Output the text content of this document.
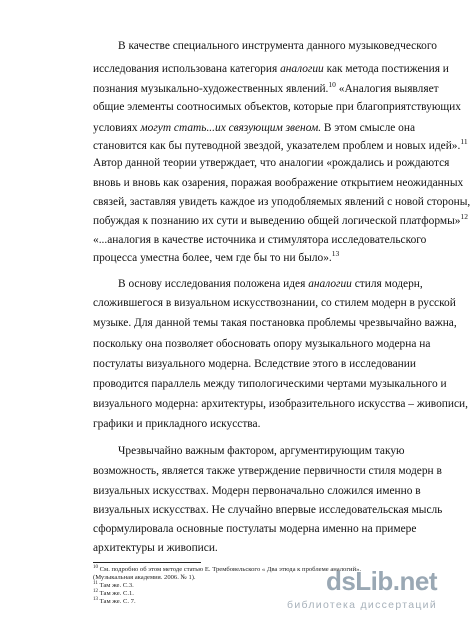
В качестве специального инструмента данного музыковедческого
исследования использована категория аналогии как метода постижения и
познания музыкально-художественных явлений.$^{10}$ «Аналогия выявляет
общие элементы соотносимых объектов, которые при благоприятствующих
условиях могут стать...их связующим звеном. В этом смысле она
становится как бы путеводной звездой, указателем проблем и новых идей».$^{11}$
Автор данной теории утверждает, что аналогии «рождались и рождаются
вновь и вновь как озарения, поражая воображение открытием неожиданных
связей, заставляя увидеть каждое из уподобляемых явлений с новой стороны,
побуждая к познанию их сути и выведению общей логической платформы»$^{12}$
«...аналогия в качестве источника и стимулятора исследовательского
процесса уместна более, чем где бы то ни было».$^{13}$
В основу исследования положена идея аналогии стиля модерн,
сложившегося в визуальном искусствознании, со стилем модерн в русской
музыке. Для данной темы такая постановка проблемы чрезвычайно важна,
поскольку она позволяет обосновать опору музыкального модерна на
постулаты визуального модерна. Вследствие этого в исследовании
проводится параллель между типологическими чертами музыкального и
визуального модерна: архитектуры, изобразительного искусства – живописи,
графики и прикладного искусства.
Чрезвычайно важным фактором, аргументирующим такую
возможность, является также утверждение первичности стиля модерн в
визуальных искусствах. Модерн первоначально сложился именно в
визуальных искусствах. Не случайно впервые исследовательская мысль
сформулировала основные постулаты модерна именно на примере
архитектуры и живописи.
$^{10}$ См. подробно об этом методе статью Е. Трембовельского « Два этюда к проблеме аналогий».
(Музыкальная академия. 2006. № 1).
$^{11}$ Там же. С.3.
$^{12}$ Там же. С.1.
$^{13}$ Там же. С. 7.
dsLib.net
библиотека диссертаций
